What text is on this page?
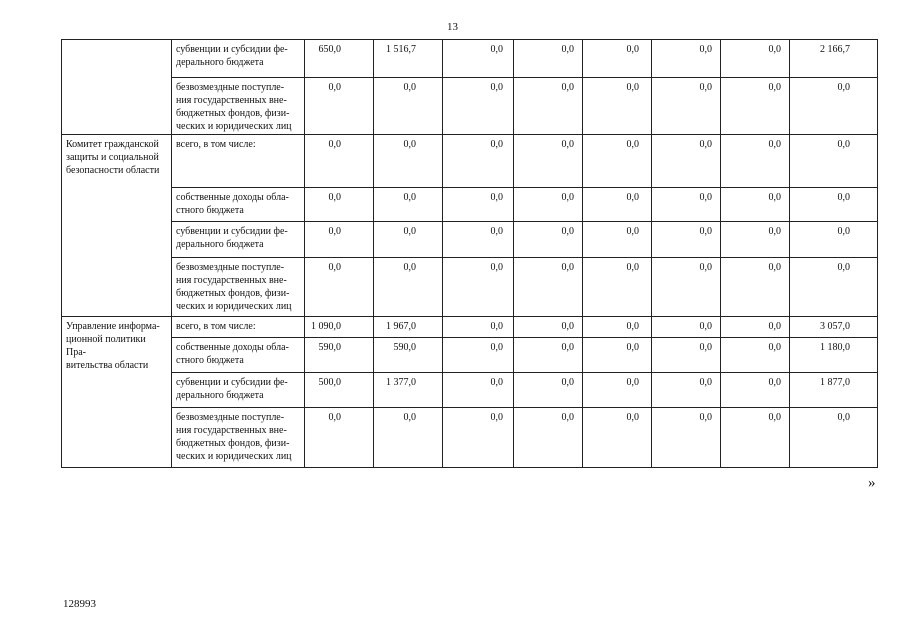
13
	субвенции и субсидии фе-
дерального бюджета	650,0	1 516,7	0,0	0,0	0,0	0,0	0,0	2 166,7
	безвозмездные поступле-
ния государственных вне-
бюджетных фондов, физи-
ческих и юридических лиц	0,0	0,0	0,0	0,0	0,0	0,0	0,0	0,0
Комитет гражданской
защиты и социальной
безопасности области	всего, в том числе:	0,0	0,0	0,0	0,0	0,0	0,0	0,0	0,0
	собственные доходы обла-
стного бюджета	0,0	0,0	0,0	0,0	0,0	0,0	0,0	0,0
	субвенции и субсидии фе-
дерального бюджета	0,0	0,0	0,0	0,0	0,0	0,0	0,0	0,0
	безвозмездные поступле-
ния государственных вне-
бюджетных фондов, физи-
ческих и юридических лиц	0,0	0,0	0,0	0,0	0,0	0,0	0,0	0,0
Управление информа-
ционной политики Пра-
вительства области	всего, в том числе:	1 090,0	1 967,0	0,0	0,0	0,0	0,0	0,0	3 057,0
	собственные доходы обла-
стного бюджета	590,0	590,0	0,0	0,0	0,0	0,0	0,0	1 180,0
	субвенции и субсидии фе-
дерального бюджета	500,0	1 377,0	0,0	0,0	0,0	0,0	0,0	1 877,0
	безвозмездные поступле-
ния государственных вне-
бюджетных фондов, физи-
ческих и юридических лиц	0,0	0,0	0,0	0,0	0,0	0,0	0,0	0,0
»
128993
